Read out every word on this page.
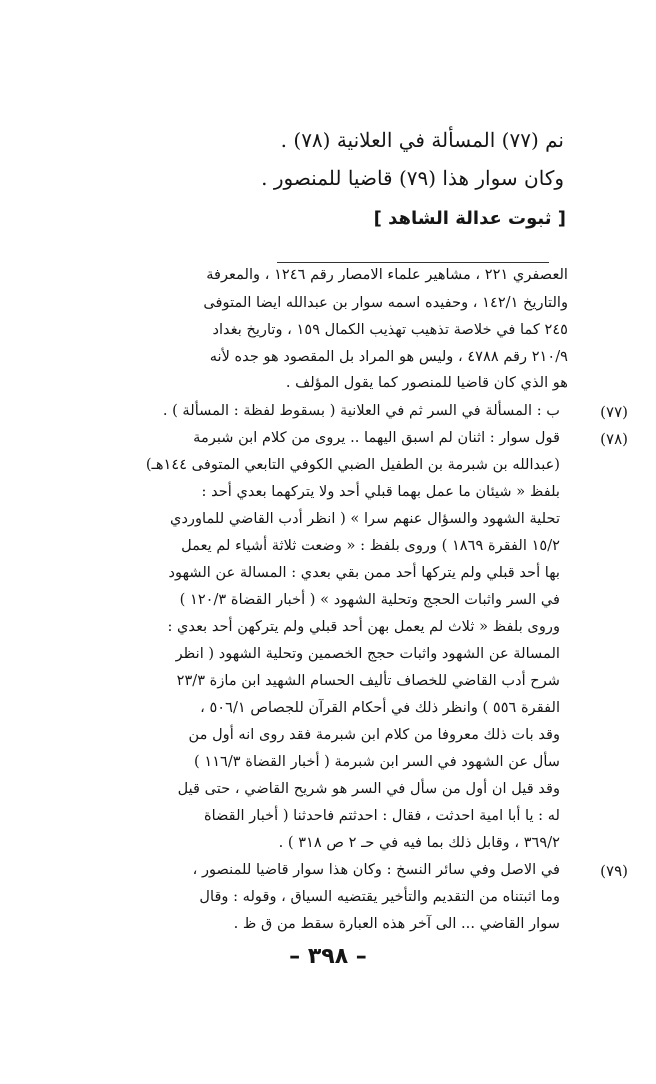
نم (٧٧) المسألة في العلانية (٧٨) .
وكان سوار هذا (٧٩) قاضيا للمنصور .
[ ثبوت عدالة الشاهد ]
العصفري ٢٢١ ، مشاهير علماء الامصار رقم ١٢٤٦ ، والمعرفة
والتاريخ ١٤٢/١ ، وحفيده اسمه سوار بن عبدالله ايضا المتوفى
٢٤٥ كما في خلاصة تذهيب تهذيب الكمال ١٥٩ ، وتاريخ بغداد
٢١٠/٩ رقم ٤٧٨٨ ، وليس هو المراد بل المقصود هو جده لأنه
هو الذي كان قاضيا للمنصور كما يقول المؤلف .
(٧٧)
ب : المسألة في السر ثم في العلانية ( بسقوط لفظة : المسألة ) .
(٧٨)
قول سوار : اثنان لم اسبق اليهما .. يروى من كلام ابن شبرمة
(عبدالله بن شبرمة بن الطفيل الضبي الكوفي التابعي المتوفى ١٤٤هـ)
بلفظ « شيئان ما عمل بهما قبلي أحد ولا يتركهما بعدي أحد :
تحلية الشهود والسؤال عنهم سرا » ( انظر أدب القاضي للماوردي
١٥/٢ الفقرة ١٨٦٩ ) وروى بلفظ : « وضعت ثلاثة أشياء لم يعمل
بها أحد قبلي ولم يتركها أحد ممن بقي بعدي : المسالة عن الشهود
في السر واثبات الحجج وتحلية الشهود » ( أخبار القضاة ١٢٠/٣ )
وروى بلفظ « ثلاث لم يعمل بهن أحد قبلي ولم يتركهن أحد بعدي :
المسالة عن الشهود واثبات حجج الخصمين وتحلية الشهود ( انظر
شرح أدب القاضي للخصاف تأليف الحسام الشهيد ابن مازة ٢٣/٣
الفقرة ٥٥٦ ) وانظر ذلك في أحكام القرآن للجصاص ٥٠٦/١ ،
وقد بات ذلك معروفا من كلام ابن شبرمة فقد روى انه أول من
سأل عن الشهود في السر ابن شبرمة ( أخبار القضاة ١١٦/٣ )
وقد قيل ان أول من سأل في السر هو شريح القاضي ، حتى قيل
له : يا أبا امية احدثت ، فقال : احدثتم فاحدثنا ( أخبار القضاة
٣٦٩/٢ ، وقابل ذلك بما فيه في حـ ٢ ص ٣١٨ ) .
(٧٩)
في الاصل وفي سائر النسخ : وكان هذا سوار قاضيا للمنصور ،
وما اثبتناه من التقديم والتأخير يقتضيه السياق ، وقوله : وقال
سوار القاضي ... الى آخر هذه العبارة سقط من ق ظ .
– ٣٩٨ –
